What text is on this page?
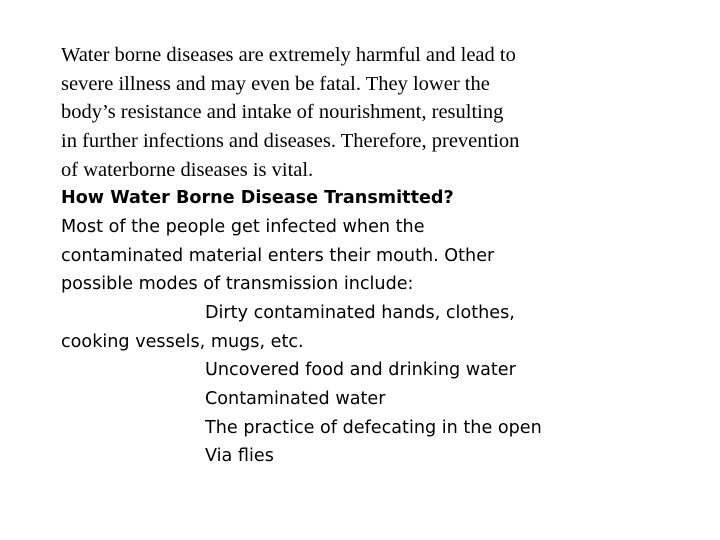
Water borne diseases are extremely harmful and lead to
severe illness and may even be fatal. They lower the
body’s resistance and intake of nourishment, resulting
in further infections and diseases. Therefore, prevention
of waterborne diseases is vital.
How Water Borne Disease Transmitted?
Most of the people get infected when the
contaminated material enters their mouth. Other
possible modes of transmission include:
Dirty contaminated hands, clothes,
cooking vessels, mugs, etc.
Uncovered food and drinking water
Contaminated water
The practice of defecating in the open
Via flies
